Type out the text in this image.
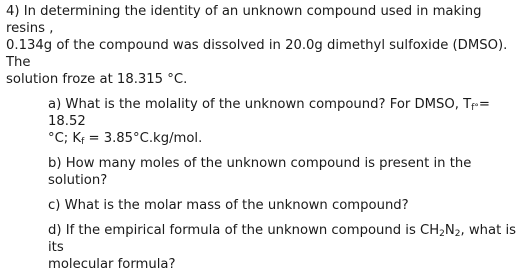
4) In determining the identity of an unknown compound used in making resins ,
0.134g of the compound was dissolved in 20.0g dimethyl sulfoxide (DMSO). The
solution froze at 18.315 °C.

a) What is the molality of the unknown compound? For DMSO, $T_{f^\circ}= 18.52$
°C; $K_f = 3.85^\circ C.kg/mol$.

b) How many moles of the unknown compound is present in the solution?

c) What is the molar mass of the unknown compound?

d) If the empirical formula of the unknown compound is $CH_2N_2$, what is its
molecular formula?
